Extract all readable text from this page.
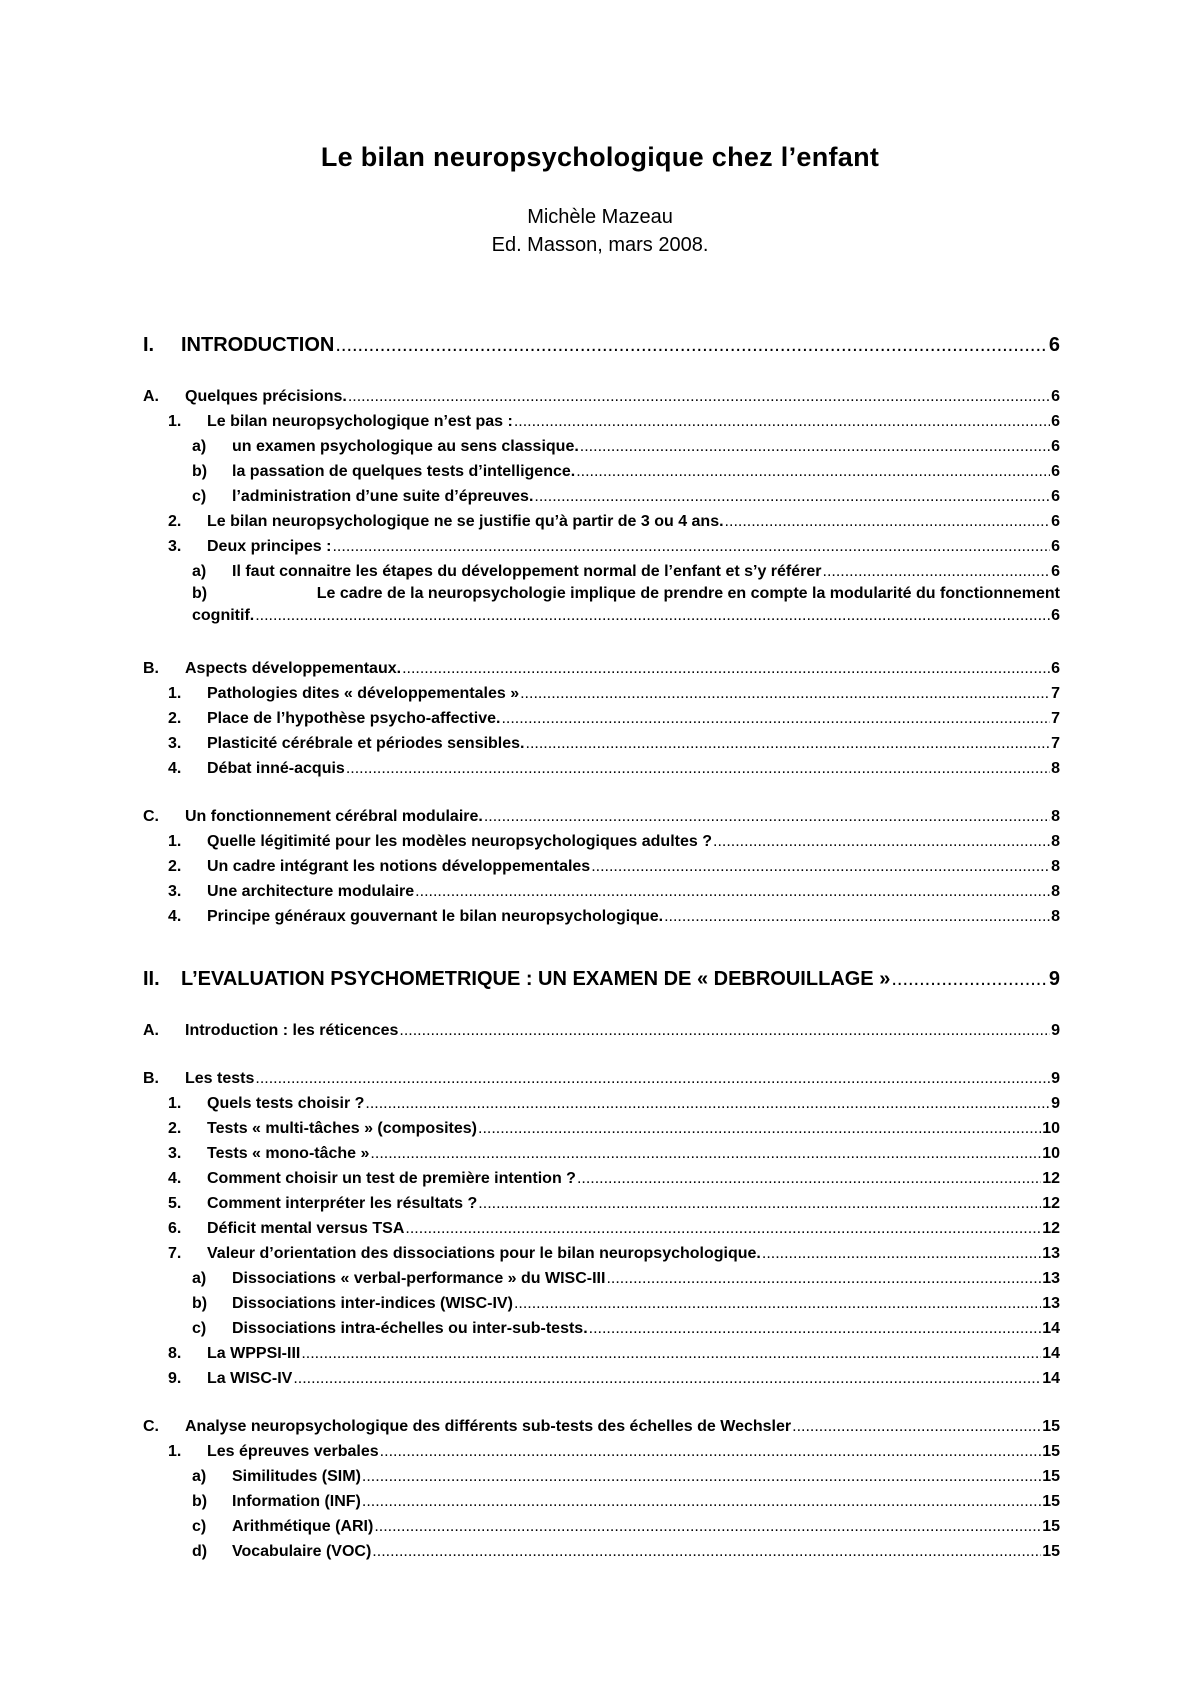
Le bilan neuropsychologique chez l’enfant
Michèle Mazeau
Ed. Masson, mars 2008.
I.	INTRODUCTION .....	6
A.	Quelques précisions. .....	6
1.	Le bilan neuropsychologique n’est pas : .....	6
a)	un examen psychologique au sens classique. .....	6
b)	la passation de quelques tests d’intelligence. .....	6
c)	l’administration d’une suite d’épreuves. .....	6
2.	Le bilan neuropsychologique ne se justifie qu’à partir de 3 ou 4 ans. .....	6
3.	Deux principes : .....	6
a)	Il faut connaitre les étapes du développement normal de l’enfant et s’y référer .....	6
b)	Le cadre de la neuropsychologie implique de prendre en compte la modularité du fonctionnement
cognitif. .....	6
B.	Aspects développementaux. .....	6
1.	Pathologies dites « développementales » .....	7
2.	Place de l’hypothèse psycho-affective. .....	7
3.	Plasticité cérébrale et périodes sensibles. .....	7
4.	Débat inné-acquis .....	8
C.	Un fonctionnement cérébral modulaire. .....	8
1.	Quelle légitimité pour les modèles neuropsychologiques adultes ? .....	8
2.	Un cadre intégrant les notions développementales .....	8
3.	Une architecture modulaire .....	8
4.	Principe généraux gouvernant le bilan neuropsychologique. .....	8
II.	L’EVALUATION PSYCHOMETRIQUE : UN EXAMEN DE « DEBROUILLAGE » .....	9
A.	Introduction : les réticences .....	9
B.	Les tests .....	9
1.	Quels tests choisir ? .....	9
2.	Tests « multi-tâches » (composites) .....	10
3.	Tests « mono-tâche » .....	10
4.	Comment choisir un test de première intention ? .....	12
5.	Comment interpréter les résultats ? .....	12
6.	Déficit mental versus TSA .....	12
7.	Valeur d’orientation des dissociations pour le bilan neuropsychologique. .....	13
a)	Dissociations « verbal-performance » du WISC-III .....	13
b)	Dissociations inter-indices (WISC-IV) .....	13
c)	Dissociations intra-échelles ou inter-sub-tests. .....	14
8.	La WPPSI-III .....	14
9.	La WISC-IV .....	14
C.	Analyse neuropsychologique des différents sub-tests des échelles de Wechsler .....	15
1.	Les épreuves verbales .....	15
a)	Similitudes (SIM) .....	15
b)	Information (INF) .....	15
c)	Arithmétique (ARI) .....	15
d)	Vocabulaire (VOC) .....	15
